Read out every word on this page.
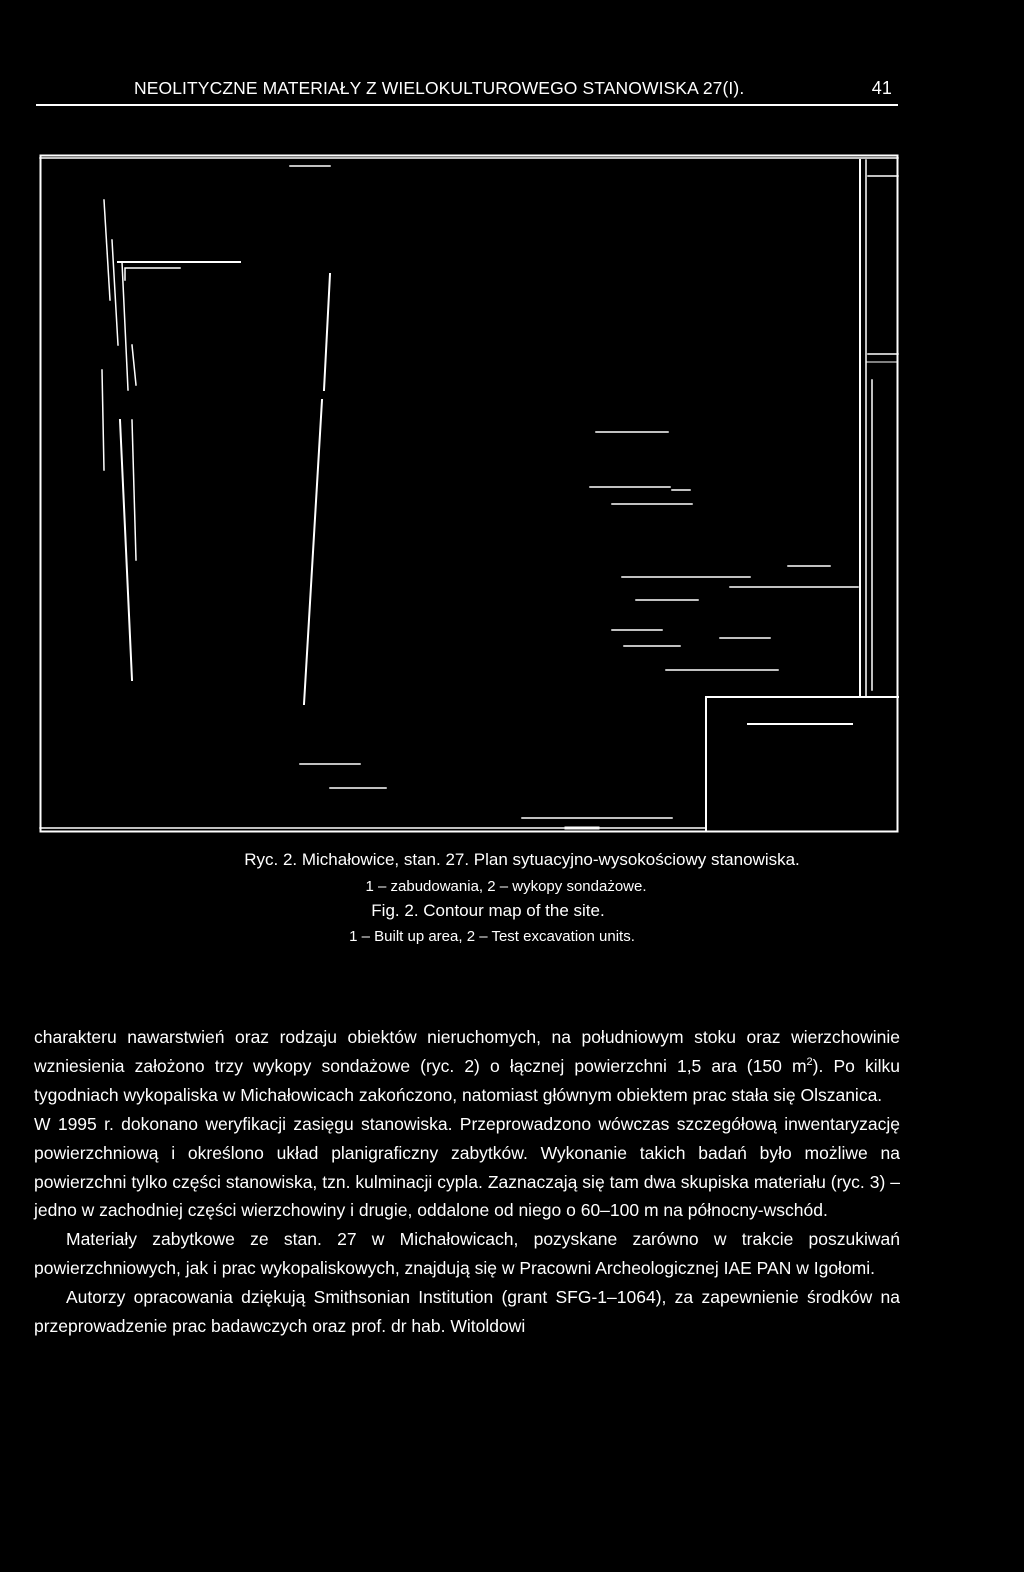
NEOLITYCZNE MATERIAŁY Z WIELOKULTUROWEGO STANOWISKA 27(I).	41
Ryc. 2. Michałowice, stan. 27. Plan sytuacyjno-wysokościowy stanowiska.
1 – zabudowania, 2 – wykopy sondażowe.
Fig. 2. Contour map of the site.
1 – Built up area, 2 – Test excavation units.

charakteru nawarstwień oraz rodzaju obiektów nieruchomych, na południowym stoku oraz wierzchowinie wzniesienia założono trzy wykopy sondażowe (ryc. 2) o łącznej powierzchni 1,5 ara (150 $m^2$). Po kilku tygodniach wykopaliska w Michałowicach zakończono, natomiast głównym obiektem prac stała się Olszanica.

W 1995 r. dokonano weryfikacji zasięgu stanowiska. Przeprowadzono wówczas szczegółową inwentaryzację powierzchniową i określono układ planigraficzny zabytków. Wykonanie takich badań było możliwe na powierzchni tylko części stanowiska, tzn. kulminacji cypla. Zaznaczają się tam dwa skupiska materiału (ryc. 3) – jedno w zachodniej części wierzchowiny i drugie, oddalone od niego o 60–100 m na północny-wschód.

Materiały zabytkowe ze stan. 27 w Michałowicach, pozyskane zarówno w trakcie poszukiwań powierzchniowych, jak i prac wykopaliskowych, znajdują się w Pracowni Archeologicznej IAE PAN w Igołomi.

Autorzy opracowania dziękują Smithsonian Institution (grant SFG-1–1064), za zapewnienie środków na przeprowadzenie prac badawczych oraz prof. dr hab. Witoldowi
